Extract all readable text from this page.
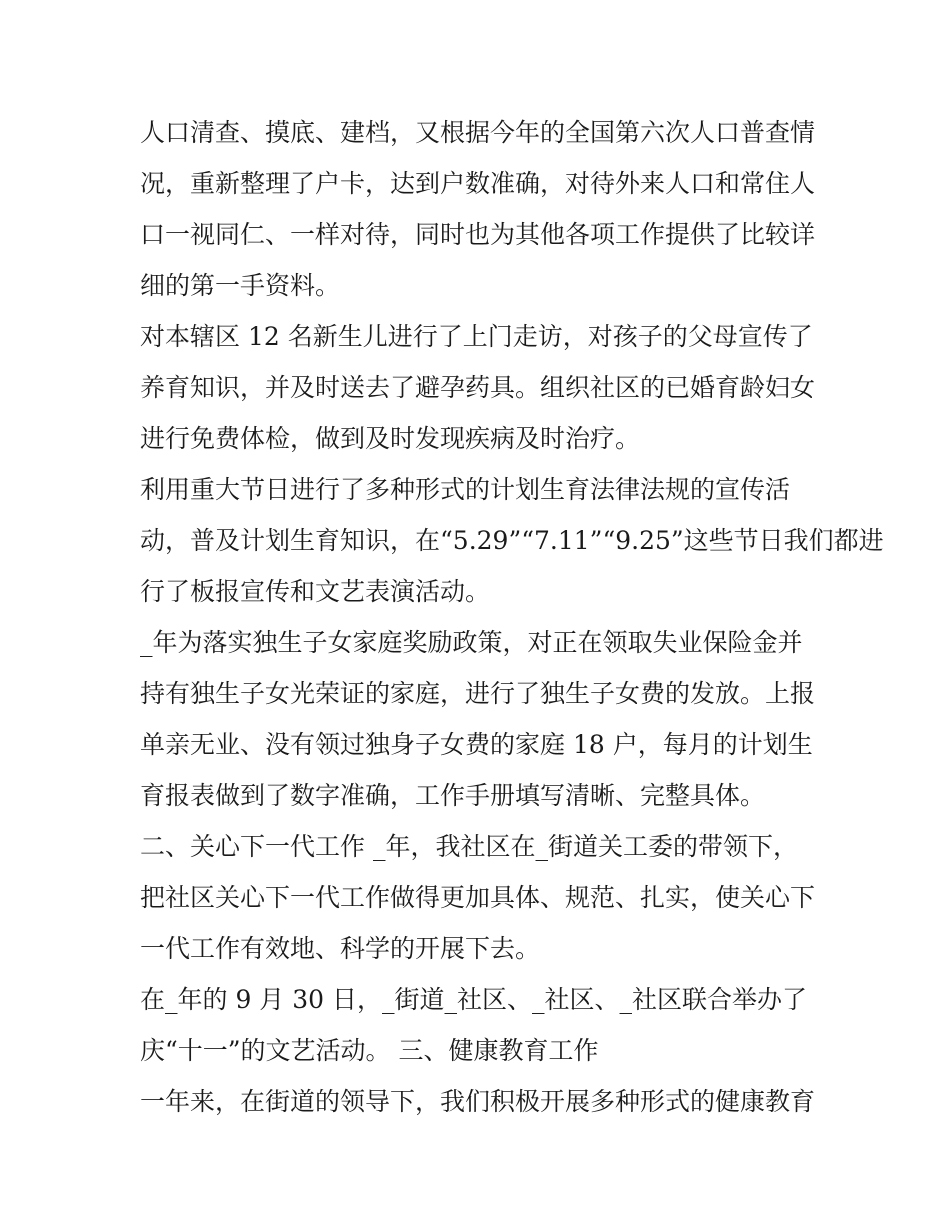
人口清查、摸底、建档，又根据今年的全国第六次人口普查情
况，重新整理了户卡，达到户数准确，对待外来人口和常住人
口一视同仁、一样对待，同时也为其他各项工作提供了比较详
细的第一手资料。
对本辖区 12 名新生儿进行了上门走访，对孩子的父母宣传了
养育知识，并及时送去了避孕药具。组织社区的已婚育龄妇女
进行免费体检，做到及时发现疾病及时治疗。
利用重大节日进行了多种形式的计划生育法律法规的宣传活
动，普及计划生育知识，在“5.29”“7.11”“9.25”这些节日我们都进
行了板报宣传和文艺表演活动。
_年为落实独生子女家庭奖励政策，对正在领取失业保险金并
持有独生子女光荣证的家庭，进行了独生子女费的发放。上报
单亲无业、没有领过独身子女费的家庭 18 户，每月的计划生
育报表做到了数字准确，工作手册填写清晰、完整具体。
二、关心下一代工作 _年，我社区在_街道关工委的带领下，
把社区关心下一代工作做得更加具体、规范、扎实，使关心下
一代工作有效地、科学的开展下去。
在_年的 9 月 30 日，_街道_社区、_社区、_社区联合举办了
庆“十一”的文艺活动。 三、健康教育工作
一年来，在街道的领导下，我们积极开展多种形式的健康教育
